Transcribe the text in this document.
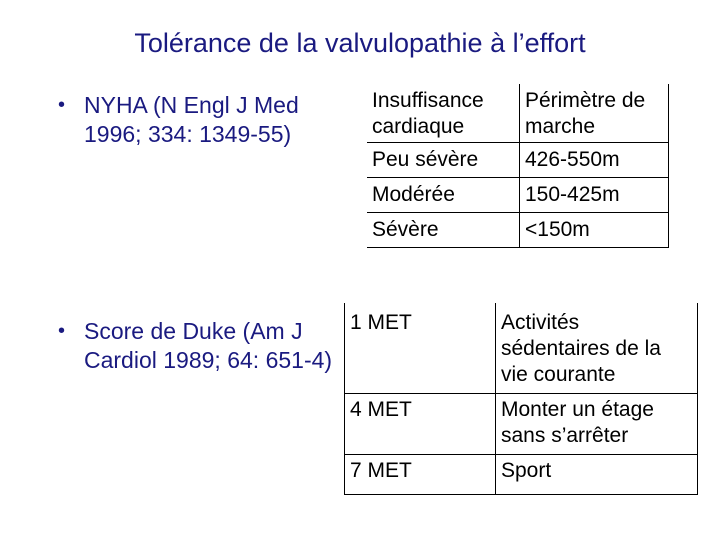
Tolérance de la valvulopathie à l’effort
• NYHA (N Engl J Med 1996; 334: 1349-55)
• Score de Duke (Am J Cardiol 1989; 64: 651-4)
Insuffisance cardiaque	Périmètre de marche
Peu sévère	426-550m
Modérée	150-425m
Sévère	<150m
1 MET	Activités sédentaires de la vie courante
4 MET	Monter un étage sans s’arrêter
7 MET	Sport
